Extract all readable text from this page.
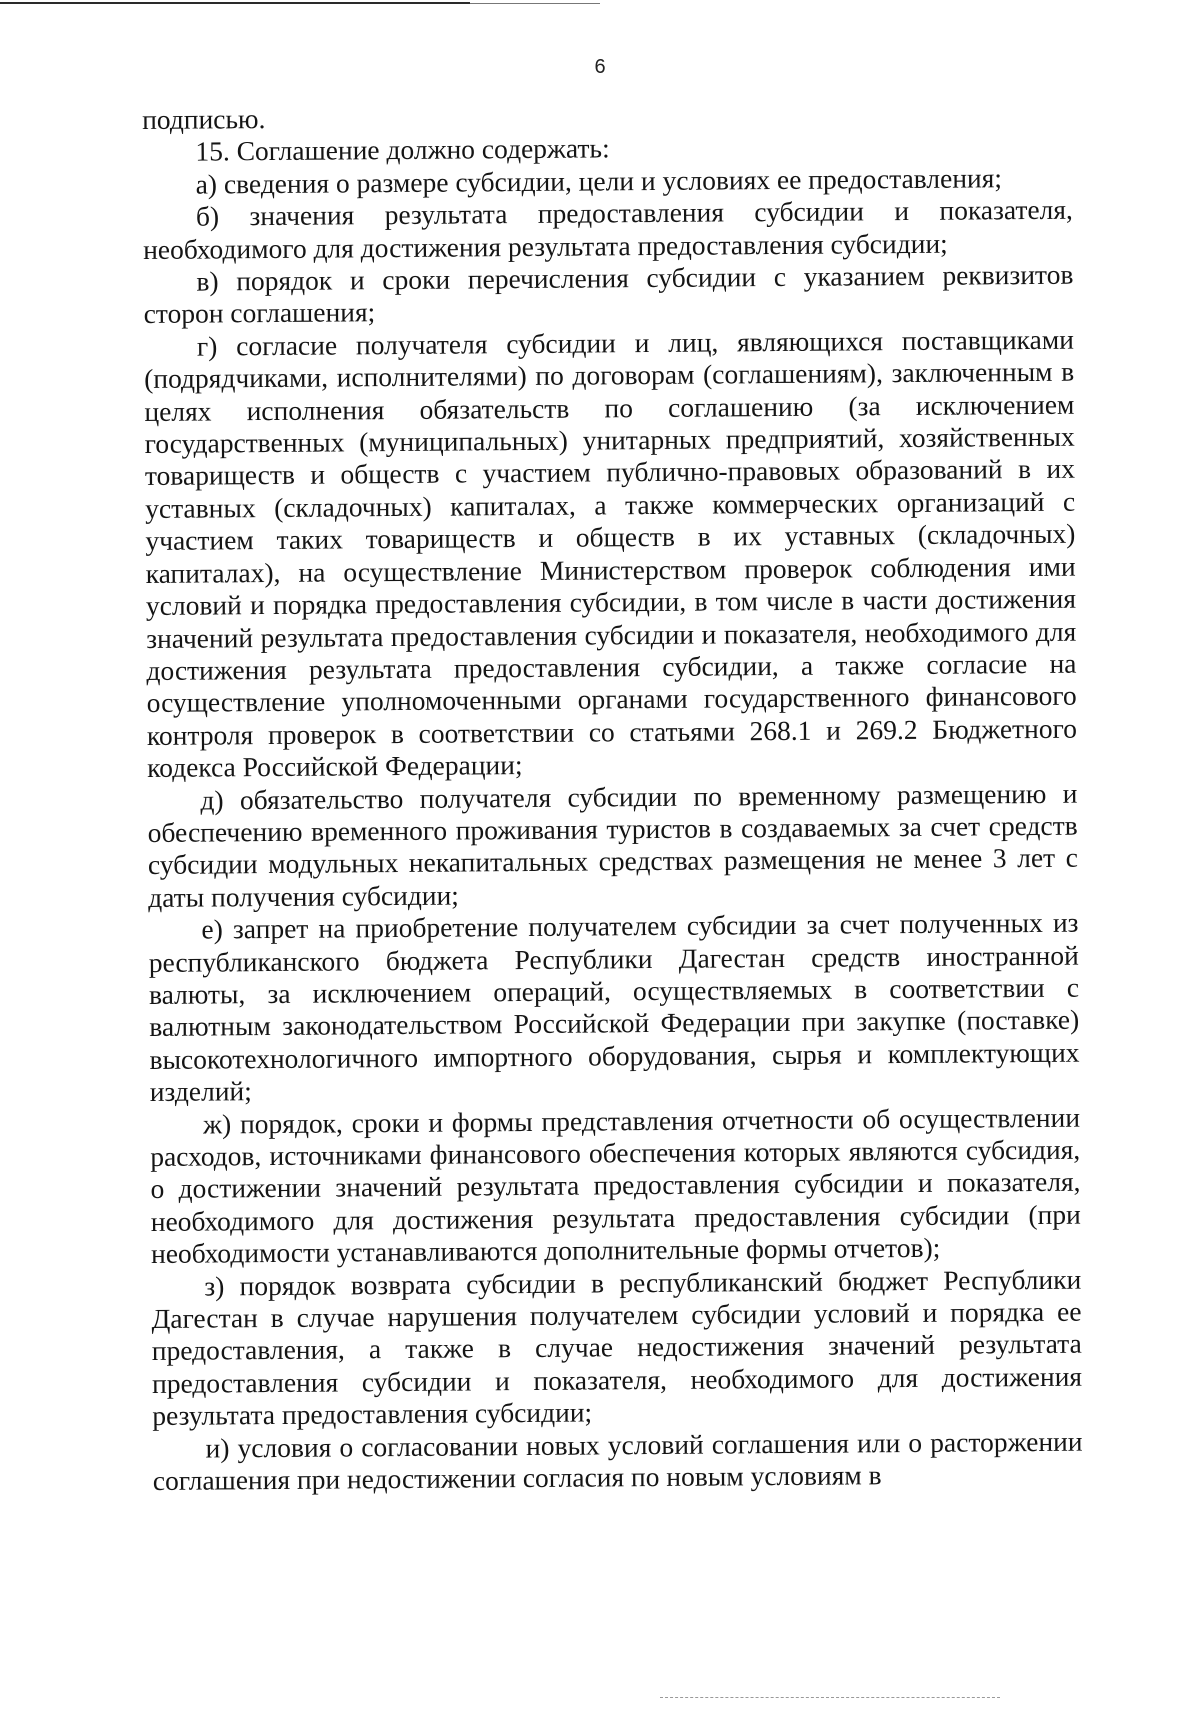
6

подписью.

15. Соглашение должно содержать:

а) сведения о размере субсидии, цели и условиях ее предоставления;

б) значения результата предоставления субсидии и показателя, необходимого для достижения результата предоставления субсидии;

в) порядок и сроки перечисления субсидии с указанием реквизитов сторон соглашения;

г) согласие получателя субсидии и лиц, являющихся поставщиками (подрядчиками, исполнителями) по договорам (соглашениям), заключенным в целях исполнения обязательств по соглашению (за исключением государственных (муниципальных) унитарных предприятий, хозяйственных товариществ и обществ с участием публично-правовых образований в их уставных (складочных) капиталах, а также коммерческих организаций с участием таких товариществ и обществ в их уставных (складочных) капиталах), на осуществление Министерством проверок соблюдения ими условий и порядка предоставления субсидии, в том числе в части достижения значений результата предоставления субсидии и показателя, необходимого для достижения результата предоставления субсидии, а также согласие на осуществление уполномоченными органами государственного финансового контроля проверок в соответствии со статьями 268.1 и 269.2 Бюджетного кодекса Российской Федерации;

д) обязательство получателя субсидии по временному размещению и обеспечению временного проживания туристов в создаваемых за счет средств субсидии модульных некапитальных средствах размещения не менее 3 лет с даты получения субсидии;

е) запрет на приобретение получателем субсидии за счет полученных из республиканского бюджета Республики Дагестан средств иностранной валюты, за исключением операций, осуществляемых в соответствии с валютным законодательством Российской Федерации при закупке (поставке) высокотехнологичного импортного оборудования, сырья и комплектующих изделий;

ж) порядок, сроки и формы представления отчетности об осуществлении расходов, источниками финансового обеспечения которых являются субсидия, о достижении значений результата предоставления субсидии и показателя, необходимого для достижения результата предоставления субсидии (при необходимости устанавливаются дополнительные формы отчетов);

з) порядок возврата субсидии в республиканский бюджет Республики Дагестан в случае нарушения получателем субсидии условий и порядка ее предоставления, а также в случае недостижения значений результата предоставления субсидии и показателя, необходимого для достижения результата предоставления субсидии;

и) условия о согласовании новых условий соглашения или о расторжении соглашения при недостижении согласия по новым условиям в
